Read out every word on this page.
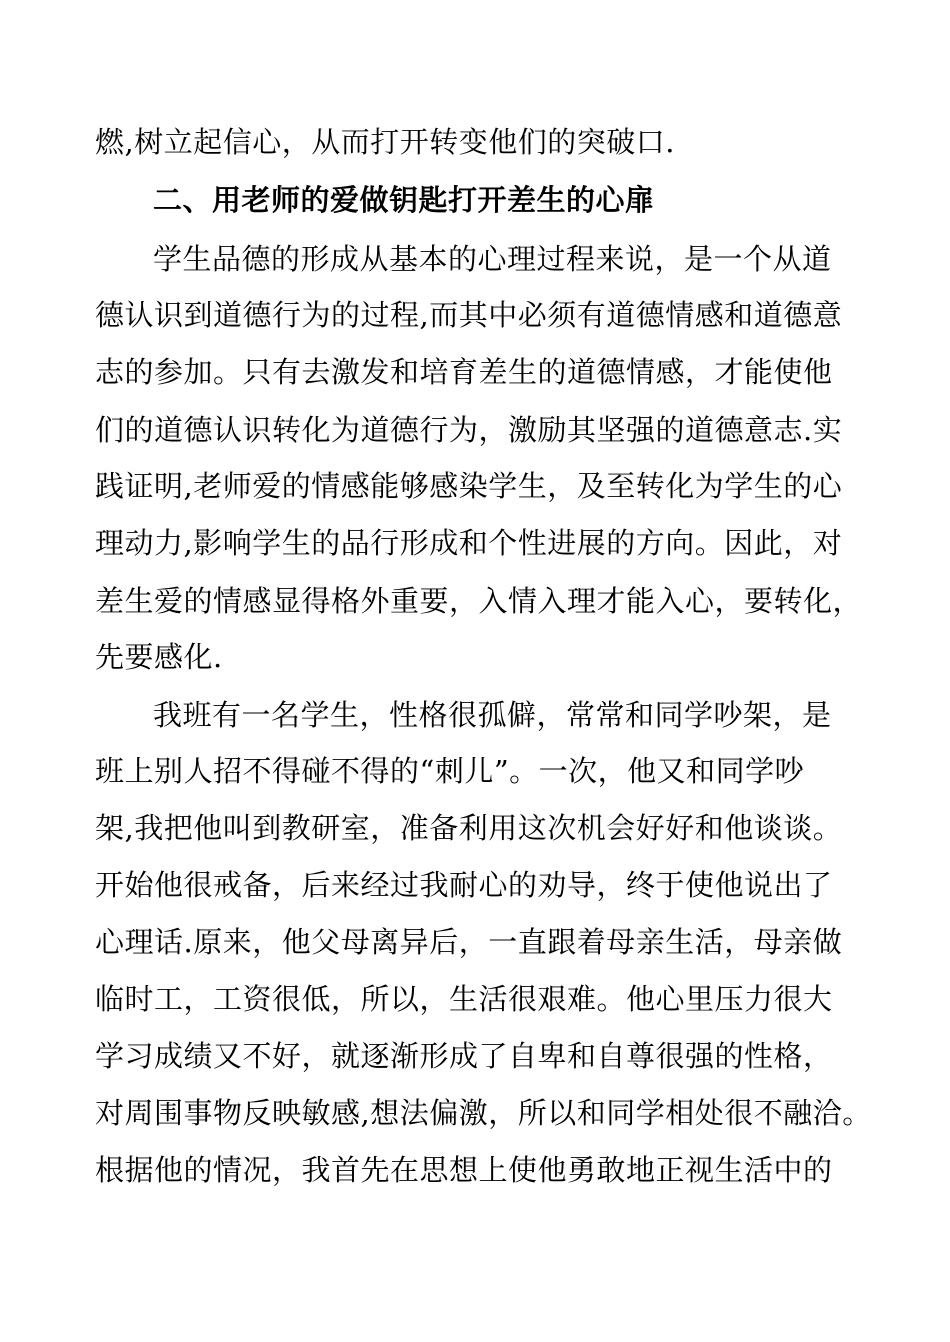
燃,树立起信心，从而打开转变他们的突破口.
二、用老师的爱做钥匙打开差生的心扉
学生品德的形成从基本的心理过程来说，是一个从道
德认识到道德行为的过程,而其中必须有道德情感和道德意
志的参加。只有去激发和培育差生的道德情感，才能使他
们的道德认识转化为道德行为，激励其坚强的道德意志.实
践证明,老师爱的情感能够感染学生，及至转化为学生的心
理动力,影响学生的品行形成和个性进展的方向。因此，对
差生爱的情感显得格外重要，入情入理才能入心，要转化，
先要感化.
我班有一名学生，性格很孤僻，常常和同学吵架，是
班上别人招不得碰不得的“刺儿”。一次，他又和同学吵
架,我把他叫到教研室，准备利用这次机会好好和他谈谈。
开始他很戒备，后来经过我耐心的劝导，终于使他说出了
心理话.原来，他父母离异后，一直跟着母亲生活，母亲做
临时工，工资很低，所以，生活很艰难。他心里压力很大
学习成绩又不好，就逐渐形成了自卑和自尊很强的性格，
对周围事物反映敏感,想法偏激，所以和同学相处很不融洽。
根据他的情况，我首先在思想上使他勇敢地正视生活中的
